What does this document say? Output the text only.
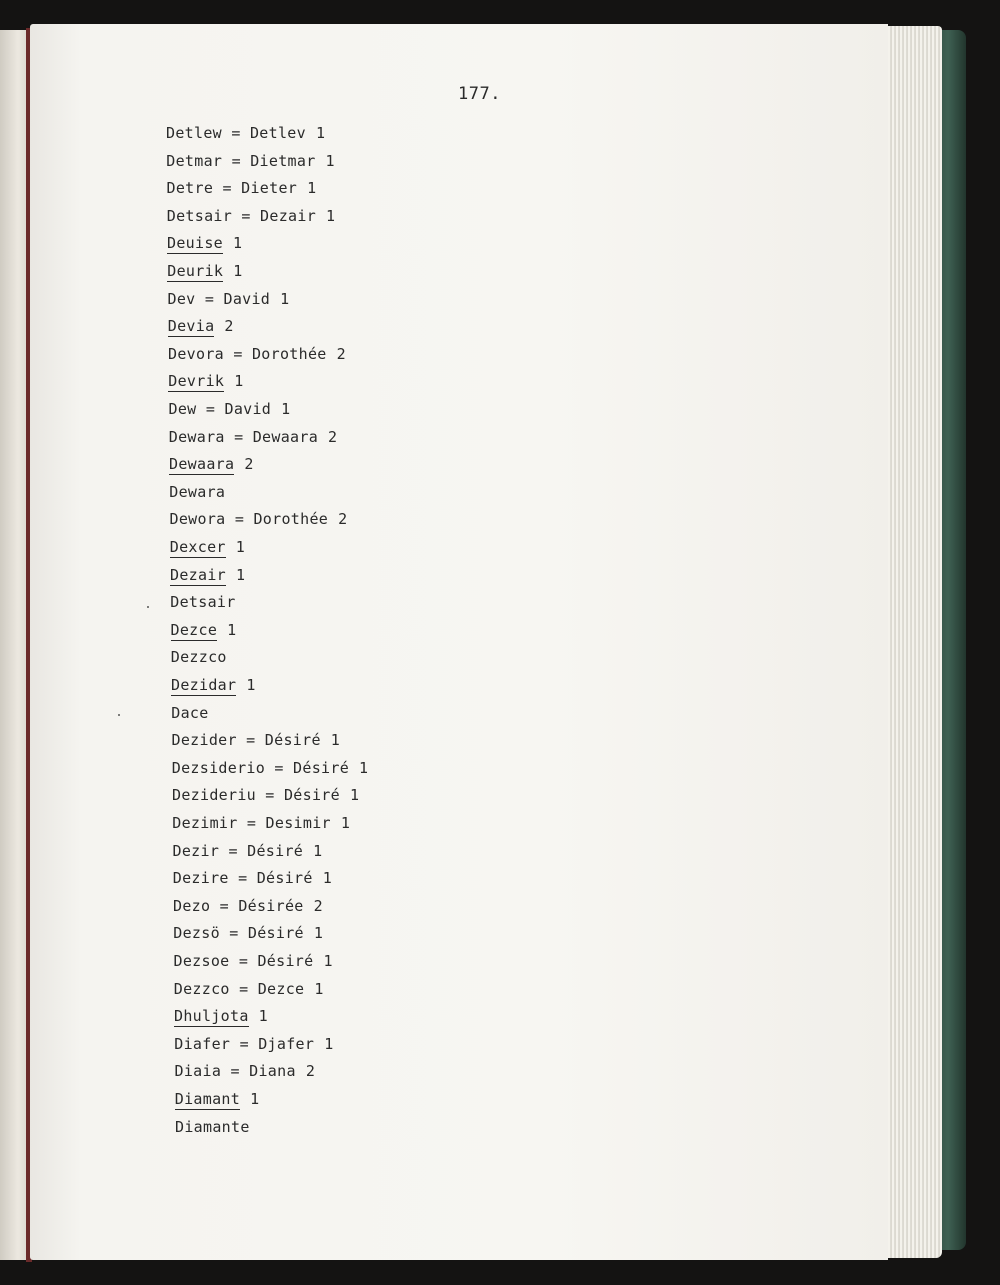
177.
Detlew = Detlev 1
Detmar = Dietmar 1
Detre = Dieter 1
Detsair = Dezair 1
Deuise 1
Deurik 1
Dev = David 1
Devia 2
Devora = Dorothée 2
Devrik 1
Dew = David 1
Dewara = Dewaara 2
Dewaara 2
Dewara
Dewora = Dorothée 2
Dexcer 1
Dezair 1
Detsair
Dezce 1
Dezzco
Dezidar 1
Dace
Dezider = Désiré 1
Dezsiderio = Désiré 1
Dezideriu = Désiré 1
Dezimir = Desimir 1
Dezir = Désiré 1
Dezire = Désiré 1
Dezo = Désirée 2
Dezsö = Désiré 1
Dezsoe = Désiré 1
Dezzco = Dezce 1
Dhuljota 1
Diafer = Djafer 1
Diaia = Diana 2
Diamant 1
Diamante
